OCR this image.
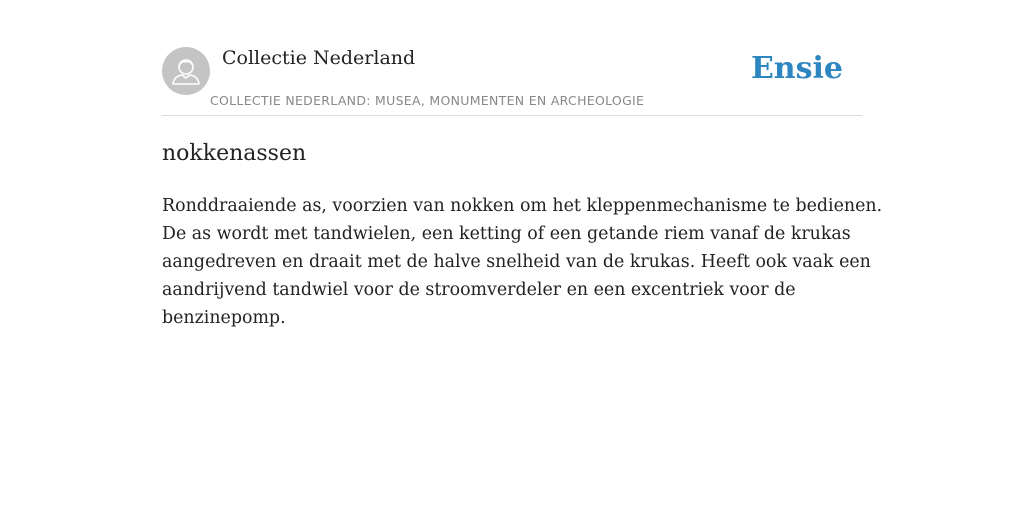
Collectie Nederland
COLLECTIE NEDERLAND: MUSEA, MONUMENTEN EN ARCHEOLOGIE
Ensie
nokkenassen

Ronddraaiende as, voorzien van nokken om het kleppenmechanisme te bedienen.
De as wordt met tandwielen, een ketting of een getande riem vanaf de krukas
aangedreven en draait met de halve snelheid van de krukas. Heeft ook vaak een
aandrijvend tandwiel voor de stroomverdeler en een excentriek voor de
benzinepomp.
